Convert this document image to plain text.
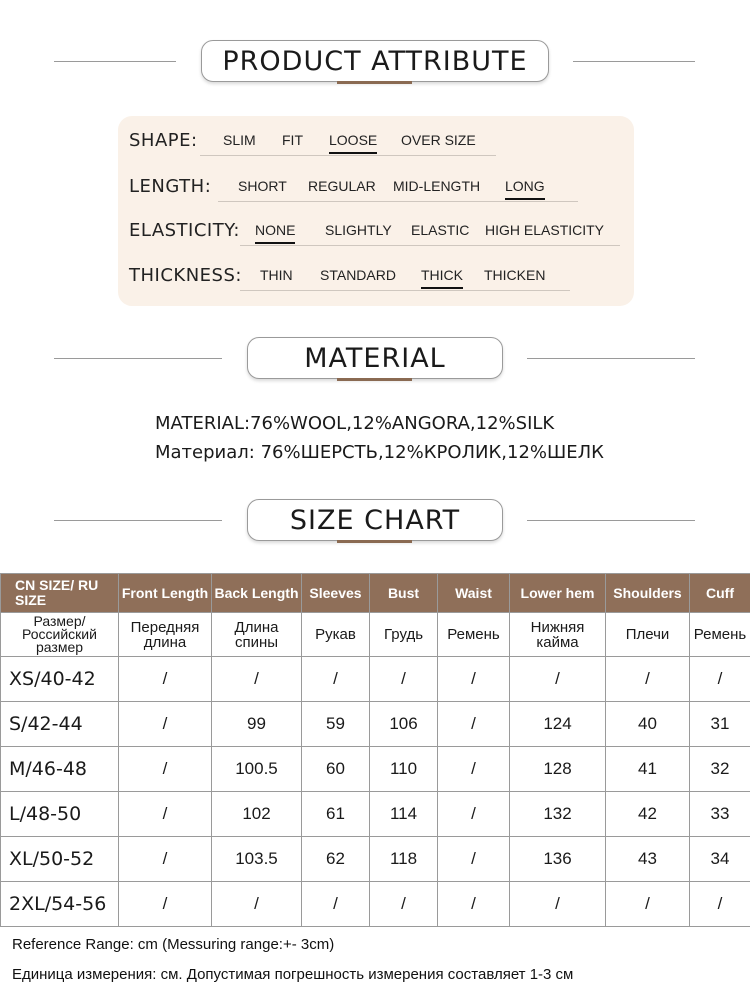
PRODUCT ATTRIBUTE
SHAPE: SLIM FIT LOOSE OVER SIZE
LENGTH: SHORT REGULAR MID-LENGTH LONG
ELASTICITY: NONE SLIGHTLY ELASTIC HIGH ELASTICITY
THICKNESS: THIN STANDARD THICK THICKEN
MATERIAL
MATERIAL:76%WOOL,12%ANGORA,12%SILK
Материал: 76%ШЕРСТЬ,12%КРОЛИК,12%ШЕЛК
SIZE CHART
CN SIZE/ RU SIZE	Front Length	Back Length	Sleeves	Bust	Waist	Lower hem	Shoulders	Cuff
Размер/ Российский размер	Передняя длина	Длина спины	Рукав	Грудь	Ремень	Нижняя кайма	Плечи	Ремень
XS/40-42	/	/	/	/	/	/	/	/
S/42-44	/	99	59	106	/	124	40	31
M/46-48	/	100.5	60	110	/	128	41	32
L/48-50	/	102	61	114	/	132	42	33
XL/50-52	/	103.5	62	118	/	136	43	34
2XL/54-56	/	/	/	/	/	/	/	/
Reference Range: cm (Messuring range:+- 3cm)
Единица измерения: см. Допустимая погрешность измерения составляет 1-3 см
